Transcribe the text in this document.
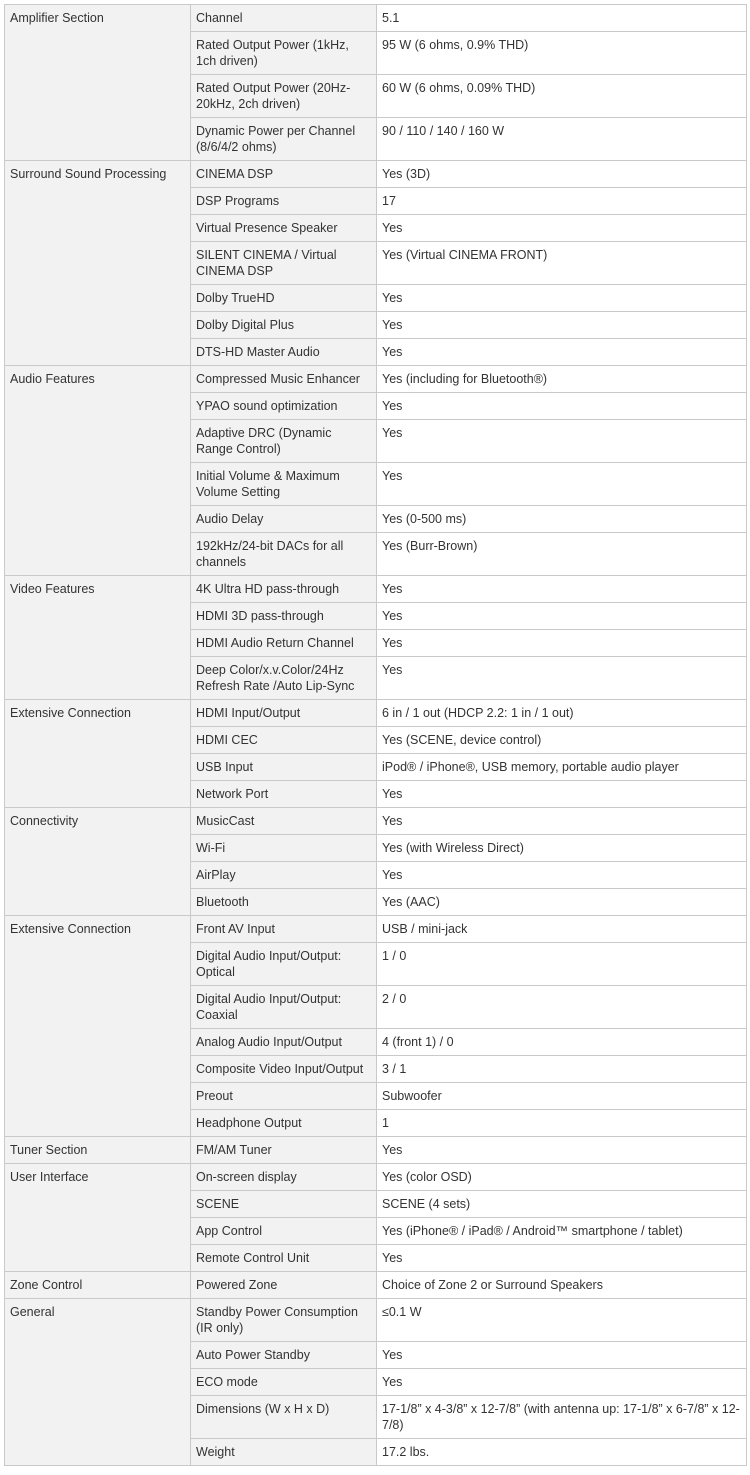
Amplifier Section	Channel	5.1
	Rated Output Power (1kHz, 1ch driven)	95 W (6 ohms, 0.9% THD)
	Rated Output Power (20Hz-20kHz, 2ch driven)	60 W (6 ohms, 0.09% THD)
	Dynamic Power per Channel (8/6/4/2 ohms)	90 / 110 / 140 / 160 W
Surround Sound Processing	CINEMA DSP	Yes (3D)
	DSP Programs	17
	Virtual Presence Speaker	Yes
	SILENT CINEMA / Virtual CINEMA DSP	Yes (Virtual CINEMA FRONT)
	Dolby TrueHD	Yes
	Dolby Digital Plus	Yes
	DTS-HD Master Audio	Yes
Audio Features	Compressed Music Enhancer	Yes (including for Bluetooth®)
	YPAO sound optimization	Yes
	Adaptive DRC (Dynamic Range Control)	Yes
	Initial Volume & Maximum Volume Setting	Yes
	Audio Delay	Yes (0-500 ms)
	192kHz/24-bit DACs for all channels	Yes (Burr-Brown)
Video Features	4K Ultra HD pass-through	Yes
	HDMI 3D pass-through	Yes
	HDMI Audio Return Channel	Yes
	Deep Color/x.v.Color/24Hz Refresh Rate /Auto Lip-Sync	Yes
Extensive Connection	HDMI Input/Output	6 in / 1 out (HDCP 2.2: 1 in / 1 out)
	HDMI CEC	Yes (SCENE, device control)
	USB Input	iPod® / iPhone®, USB memory, portable audio player
	Network Port	Yes
Connectivity	MusicCast	Yes
	Wi-Fi	Yes (with Wireless Direct)
	AirPlay	Yes
	Bluetooth	Yes (AAC)
Extensive Connection	Front AV Input	USB / mini-jack
	Digital Audio Input/Output: Optical	1 / 0
	Digital Audio Input/Output: Coaxial	2 / 0
	Analog Audio Input/Output	4 (front 1) / 0
	Composite Video Input/Output	3 / 1
	Preout	Subwoofer
	Headphone Output	1
Tuner Section	FM/AM Tuner	Yes
User Interface	On-screen display	Yes (color OSD)
	SCENE	SCENE (4 sets)
	App Control	Yes (iPhone® / iPad® / Android™ smartphone / tablet)
	Remote Control Unit	Yes
Zone Control	Powered Zone	Choice of Zone 2 or Surround Speakers
General	Standby Power Consumption (IR only)	≤0.1 W
	Auto Power Standby	Yes
	ECO mode	Yes
	Dimensions (W x H x D)	17-1/8” x 4-3/8” x 12-7/8” (with antenna up: 17-1/8” x 6-7/8” x 12-7/8)
	Weight	17.2 lbs.
